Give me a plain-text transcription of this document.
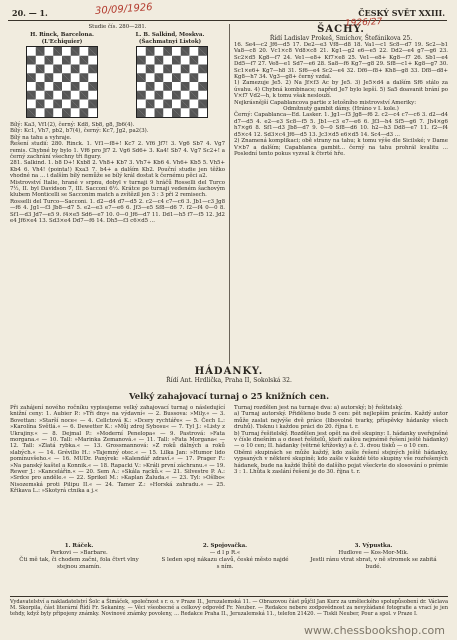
20. — 1.	ČESKÝ SVĚT XXIII.
30/09/1926
1926/27
Studie čís. 280—281.
H. Rinck, Barcelona.
(L'Echiquier)
L. B. Salkind, Moskva.
(Šachmatnyi Listok)
Bílý: Ka3, Vf1(2), černý: Kd8, Sb8, g8, Jb6(4).
Bílý: Kc1, Vh7, pb2, b7(4), černý: Kc7, Jg2, pa2(3).
Bílý na tahu a vyhraje.
Řešení studií: 280. Rinck. 1. Vf1—f8+! Kc7 2. Vf6 Jf7! 3. Vg6 Sb7 4. Vg7 remis. Chybné by bylo 1. Vf6 pro Jf7 2. Vg6 Sd6+ 3. Ka4! Sb7 4. Vg7 Sc2+! a černý zachrání všechny tři figury.
281. Salkind. 1. b8 D+! Kxb8 2. Vh8+ Kb7 3. Vh7+ Kb6 4. Vh6+ Kb5 5. Vh5+ Kb4 6. Vh4! (pointa!) Kxa3 7. b4+ a dalším Kb2. Pouční studie jen těžko vhodné na ... i dalším bílý nemůže se bílý král dostat k černému pěci a2.
Mistrovství Italie, hrané v srpnu, dobyl v turnaji 9 hráčů Rosselli del Turco 7½, II. byl Davidson 7, III. Sacconi 6½. Krátce po turnaji vedeném šachovým klubem Monticelli se Sacconim match a zvítězil jen 3 : 3 při 2 remisech.
Rosselli del Turco—Sacconi. 1. d2—d4 d7—d5 2. c2—c4 c7—c6 3. Jb1—c3 Jg8—f6 4. Jg1—f3 Jb8—d7 5. e2—e3 e7—e6 6. Jf3—e5 Sf8—d6 7. f2—f4 0—0 8. Sf1—d3 Jd7—e5 9. f4×e5 Sd6—e7 10. 0—0 Jf6—d7 11. Dd1—h5 f7—f5 12. Jd2 e4 Jf6×e4 13. Sd3×e4 Dd7—f6 14. Dh5—f3 c6×d5 ...
ŠACHY.
Řídí Ladislav Prokeš, Smíchov, Štefánikova 25.
16. Se4—c2 Jf6—d5 17. De2—e3 Vf8—d8 18. Va1—c1 Sc8—d7 19. Sc2—b1 Va8—c8 20. Vc1×c8 Vd8×c8 21. Kg1—g2 e6—e5 22. Dd2—e4 g7—g6 23. Sc2×d5 Kg8—f7 24. Ve1—e8+ Kf7×e8 25. Ve1—e8+ Kg8—f7 26. Sb1—e4 Dd5—f7 27. Ve8—e1 Sd7—e6 28. Sa8—f6 Kg7—g8 29. Sf8—c1+ Kg8—g7 30. Sc1×e6+ Kg7—h8 31. Sf6—e4 Sc2—e4 32. Df6—f8+ Kh8—g8 33. Df8—d8+ Kg8—h7 34. Vg3—g8+ černý vzdal.
1) Zamezuje Je5. 2) Na Jf×f3 Ac by Je5. 3) Je5×d4 a dalším Sf6 stálo za úvahu. 4) Chybná kombinace; napřed Je7 bylo lepší. 5) Sa5 doavanit brání po V×f7 Vd2—h, k tomu však neslouží.
Nejkrásnější Capablancova partie z letošního mistrovství Ameriky:
Odmítnutý gambit dámy. (Hráno v I. kole.)
Černý: Capablanca—Ed. Lasker. 1. Jg1—f3 Jg8—f6 2. c2—c4 c7—c6 3. d2—d4 d7—d5 4. e2—e3 Sc8—f5 5. Jb1—c3 e7—e6 6. Jf3—h4 Sf5—g6 7. Jh4×g6 h7×g6 8. Sf1—d3 Jb8—d7 9. 0—0 Sf8—d6 10. h2—h3 Dd8—e7 11. f2—f4 d5×c4 12. Sd3×c4 Jf6—d5 13. Jc3×d5 e6×d5 14. Sc4—d3 ...
2) Znamená komplikaci; obě strany na tahu; k tomu výše dle Sicilské; v Dame V×b7 a dalším; Capablanca gambit... černý na tahu prohrál kvalitu ... Poslední tento pokus vyzval k čtvrté hře.
HÁDANKY.
Řídí Ant. Hrdlička, Praha II, Sokolská 32.
Velký zahajovací turnaj o 25 knižních cen.
Při zahájení nového ročníku vypisujeme velký zahajovací turnaj o následující knižní ceny: 1. Aubier P.: »Tři dny« na výdavní« — 2. Bussova: »Mily.« — 3. Bovettan: »Starší noce« — 4. Cellctová K.: »Dcery rychtáře« — 5. Čech L.: »Karolína Světlá.« — 6. Dewetter K.: »Můj zdroj Sybosu« — 7. Tyl J.: »Listy z Ukrajiny.« — 8. Dejmal P.: »Moderní Penelopa« — 9. Pastrová: »Fata morgana.« — 10. Tall: »Marinka Zemanová.« — 11. Tall: »Fata Morgana« — 12. Tall: »Zlatá rybka.« — 13. Grossmannová: »Z roků dálných a roků slabých.« — 14. Grévillo H.: »Tajemný otec.« — 15. Lilka Jan: »Humor lido pomínuvšeho.« — 16. MUDr. Panýrek: »Kalendář zdraví.« — 17. Prager F.: »Na panský kaštel a Konnik.« — 18. Rapacki V.: »Králi první záchranu.« — 19. Rewer J.: »Kancelářin.« — 20. Sem A.: »Skála racků.« — 21. Silvestre P. A.: »Srdce pro anděle.« — 22. Sprikel M.: »Kaplan Žaluda.« — 23. Tyl: »Ošlbo« Nisozemská proti Pilipu II.« — 24. Tamer Z.: »Horská zahradu.« — 25. Křikava L.: »Skotyrá ctnika a j.«
Turnaj rozdělen jest na turnaje dva: a) autorský; b) řešitelský.
a) Turnaj autorský. Přiděleno bude 5 cen: pět nejlepším prácím. Každý autor může zaslat nejvýše dvě práce (libovolné tvarky, příspěvky hádanky všech druhů). Tisknu i každou práci do 20. října t. r.
b) Turnaj řešitelský. Rozdělen jest opět na dvě skupiny: I. hádanky uveřejněné v čísle dnešním a o deset řešitelů, kteří zašlou nejmémě řešení ještě hádanky) — o 10 cen; II. hádanky (větrné křížovky) a č. 3. dvou tisků — o 10 cen.
Oběmi skupinách se může každý, kdo zašle řešení stejných ještě hádanky, vypsaných v některé skupině; kdo zašle v každé této skupiny vše rozřešených hádanek, bude na každé lhůtě do dalšího pojat všeckvte do slosování o prémie 3 : 1. Lhůta k zaslání řešení je do 30. října t. r.
1. Ráček.
Perkovi — »Barbare.
Čti mě tak, či chodem začni, fola čtvrt vlny stejnou znamín.
2. Spojovačka.
— d l p R.«
S leden spoj nákazu clavů, české město najdé s ním.
3. Výpustka.
Hudlove — Kos-Mor-Mik.
Jestli ránu vtrat sbrat, v ně stromek se zabitá budé.
Vydavatelství a nakladatelství Šolc a Šimáček, společnost s r. o. v Praze II., Jeruzalemská 11. — Obrazovou část půjčil Jan Kurz za uměleckého spolupůsobení dr. Václava M. Skorpila, část literární Řídí Fr. Sekaniny. — Věci všeobecné a celkový odpověď Fr. Neuber. — Redakce nebere zodpovědnost za nevyžádané fotografie a vrací je jen tehdy, když byly připojeny známky. Novinové známky povoleny, ... Redakce Praha II., Jeruzalemská 11., telefon 21420. — Tiskli Neuber, Pour a spol. v Praze I.
www.chessbookshop.com
